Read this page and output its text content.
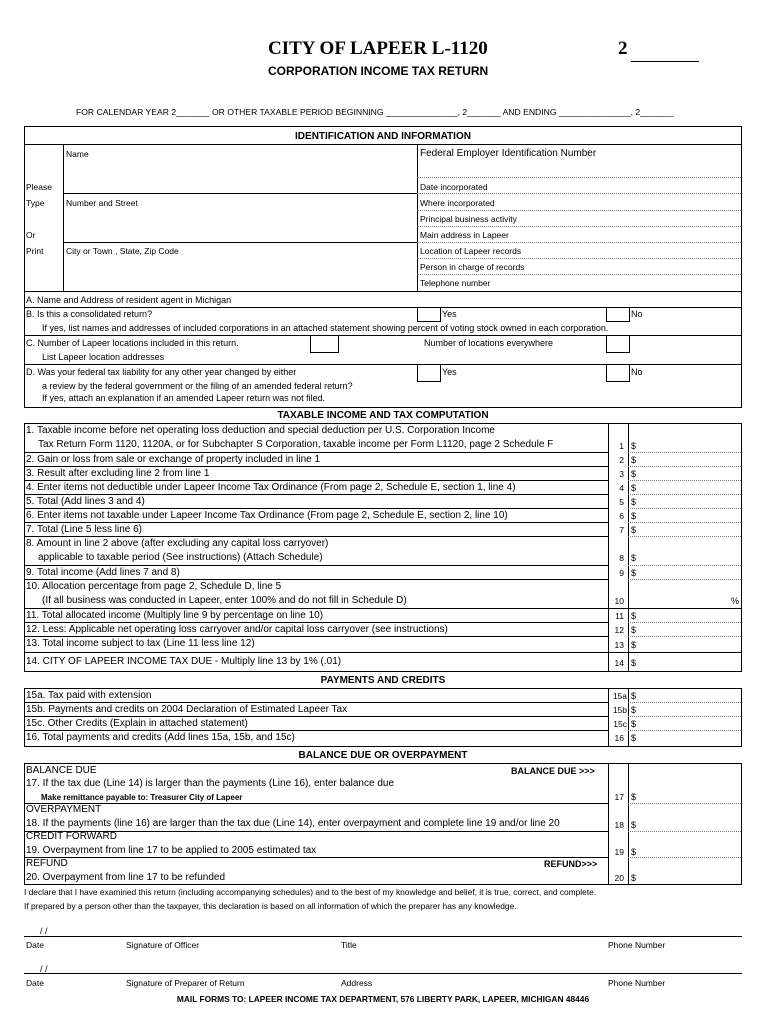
CITY OF LAPEER L-1120	2
CORPORATION INCOME TAX RETURN
FOR CALENDAR YEAR 2_______ OR OTHER TAXABLE PERIOD BEGINNING _______________, 2_______ AND ENDING _______________, 2_______
IDENTIFICATION AND INFORMATION
Please
Type
Or
Print
Name
Number and Street
City or Town , State, Zip Code
Federal Employer Identification Number
Date incorporated
Where incorporated
Principal business activity
Main address in Lapeer
Location of Lapeer records
Person in charge of records
Telephone number
A. Name and Address of resident agent in Michigan
B. Is this a consolidated return?	Yes	No
If yes, list names and addresses of included corporations in an attached statement showing percent of voting stock owned in each corporation.
C. Number of Lapeer locations included in this return.	Number of locations everywhere
List Lapeer location addresses
D. Was your federal tax liability for any other year changed by either	Yes	No
a review by the federal government or the filing of an amended federal return?
If yes, attach an explanation if an amended Lapeer return was not filed.
TAXABLE INCOME AND TAX COMPUTATION
1. Taxable income before net operating loss deduction and special deduction per U.S. Corporation Income
Tax Return Form 1120, 1120A, or for Subchapter S Corporation, taxable income per Form L1120, page 2 Schedule F	1 $
2. Gain or loss from sale or exchange of property included in line 1	2 $
3. Result after excluding line 2 from line 1	3 $
4. Enter items not deductible under Lapeer Income Tax Ordinance (From page 2, Schedule E, section 1, line 4)	4 $
5. Total (Add lines 3 and 4)	5 $
6. Enter items not taxable under Lapeer Income Tax Ordinance (From page 2, Schedule E, section 2, line 10)	6 $
7. Total (Line 5 less line 6)	7 $
8. Amount in line 2 above (after excluding any capital loss carryover)
applicable to taxable period (See instructions) (Attach Schedule)	8 $
9. Total income (Add lines 7 and 8)	9 $
10. Allocation percentage from page 2, Schedule D, line 5
(If all business was conducted in Lapeer, enter 100% and do not fill in Schedule D)	10	%
11. Total allocated income (Multiply line 9 by percentage on line 10)	11 $
12. Less: Applicable net operating loss carryover and/or capital loss carryover (see instructions)	12 $
13. Total income subject to tax (Line 11 less line 12)	13 $
14. CITY OF LAPEER INCOME TAX DUE - Multiply line 13 by 1% (.01)	14 $
PAYMENTS AND CREDITS
15a. Tax paid with extension	15a $
15b. Payments and credits on 2004 Declaration of Estimated Lapeer Tax	15b $
15c. Other Credits (Explain in attached statement)	15c $
16. Total payments and credits (Add lines 15a, 15b, and 15c)	16 $
BALANCE DUE OR OVERPAYMENT
BALANCE DUE	BALANCE DUE >>>
17. If the tax due (Line 14) is larger than the payments (Line 16), enter balance due
Make remittance payable to: Treasurer City of Lapeer	17 $
OVERPAYMENT
18. If the payments (line 16) are larger than the tax due (Line 14), enter overpayment and complete line 19 and/or line 20	18 $
CREDIT FORWARD
19. Overpayment from line 17 to be applied to 2005 estimated tax	19 $
REFUND	REFUND>>>
20. Overpayment from line 17 to be refunded	20 $
I declare that I have examined this return (including accompanying schedules) and to the best of my knowledge and belief, it is true, correct, and complete.
If prepared by a person other than the taxpayer, this declaration is based on all information of which the preparer has any knowledge.
/ /
Date	Signature of Officer	Title	Phone Number
/ /
Date	Signature of Preparer of Return	Address	Phone Number
MAIL FORMS TO: LAPEER INCOME TAX DEPARTMENT, 576 LIBERTY PARK, LAPEER, MICHIGAN 48446
